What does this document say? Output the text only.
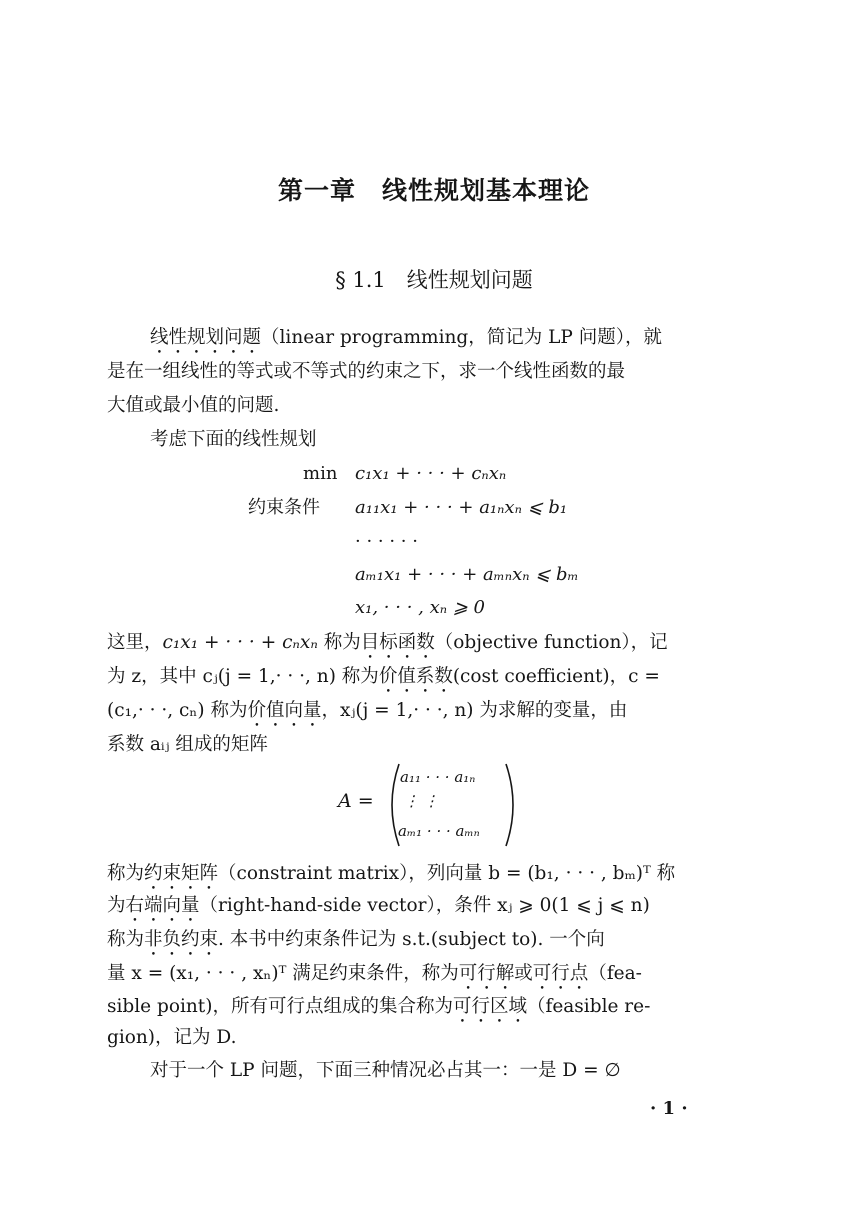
第一章　线性规划基本理论
§ 1.1　线性规划问题
线性规划问题（linear programming，简记为 LP 问题），就
是在一组线性的等式或不等式的约束之下，求一个线性函数的最
大值或最小值的问题.
考虑下面的线性规划
min c₁x₁ + · · · + cₙxₙ
约束条件 a₁₁x₁ + · · · + a₁ₙxₙ ⩽ b₁
· · · · · ·
aₘ₁x₁ + · · · + aₘₙxₙ ⩽ bₘ
x₁, · · · , xₙ ⩾ 0
这里，c₁x₁ + · · · + cₙxₙ 称为目标函数（objective function），记
为 z，其中 cⱼ(j = 1,· · ·, n) 称为价值系数(cost coefficient)，c =
(c₁,· · ·, cₙ) 称为价值向量，xⱼ(j = 1,· · ·, n) 为求解的变量，由
系数 aᵢⱼ 组成的矩阵
A =
a₁₁ · · · a₁ₙ
⋮ ⋮
aₘ₁ · · · aₘₙ
称为约束矩阵（constraint matrix），列向量 b = (b₁, · · · , bₘ)ᵀ 称
为右端向量（right-hand-side vector），条件 xⱼ ⩾ 0(1 ⩽ j ⩽ n)
称为非负约束. 本书中约束条件记为 s.t.(subject to). 一个向
量 x = (x₁, · · · , xₙ)ᵀ 满足约束条件，称为可行解或可行点（fea-
sible point)，所有可行点组成的集合称为可行区域（feasible re-
gion)，记为 D.
对于一个 LP 问题，下面三种情况必占其一：一是 D = ∅
· 1 ·
